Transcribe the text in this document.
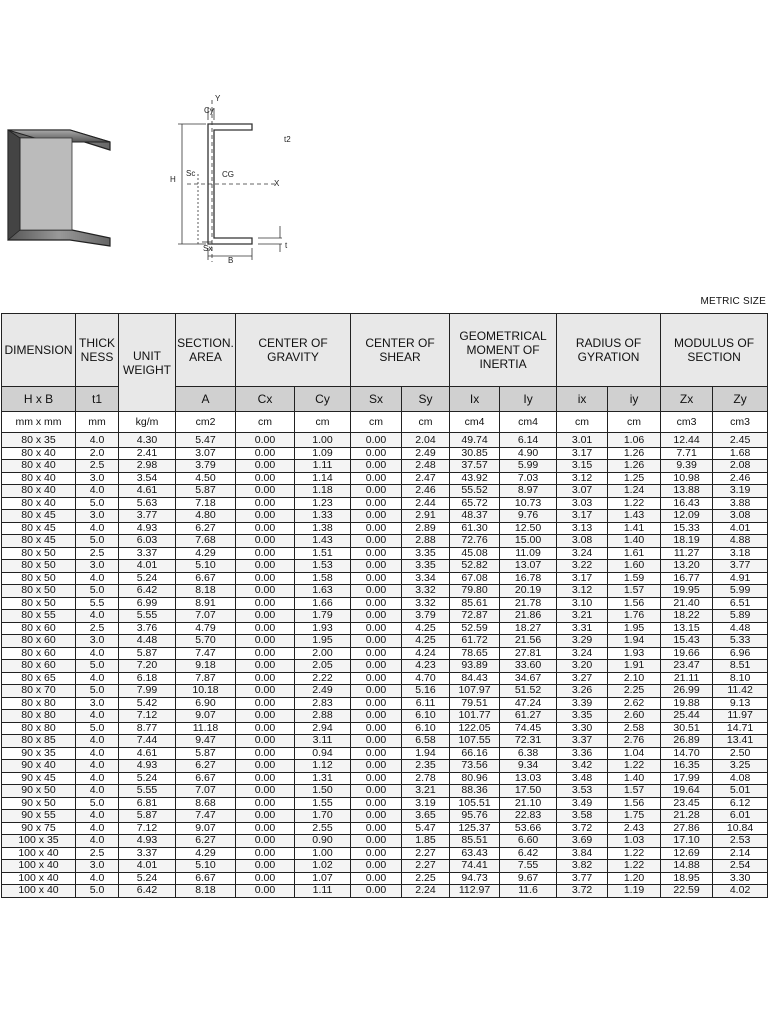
Y
Cy
t2
H
Sc	CG
X
Sx
B
t
METRIC SIZE
DIMENSION	THICK NESS	UNIT WEIGHT	SECTION. AREA	CENTER OF GRAVITY		CENTER OF SHEAR		GEOMETRICAL MOMENT OF INERTIA		RADIUS OF GYRATION		MODULUS OF SECTION	
H x B	t1		A	Cx	Cy	Sx	Sy	Ix	Iy	ix	iy	Zx	Zy
mm x mm	mm	kg/m	cm2	cm	cm	cm	cm	cm4	cm4	cm	cm	cm3	cm3
80 x 35	4.0	4.30	5.47	0.00	1.00	0.00	2.04	49.74	6.14	3.01	1.06	12.44	2.45
80 x 40	2.0	2.41	3.07	0.00	1.09	0.00	2.49	30.85	4.90	3.17	1.26	7.71	1.68
80 x 40	2.5	2.98	3.79	0.00	1.11	0.00	2.48	37.57	5.99	3.15	1.26	9.39	2.08
80 x 40	3.0	3.54	4.50	0.00	1.14	0.00	2.47	43.92	7.03	3.12	1.25	10.98	2.46
80 x 40	4.0	4.61	5.87	0.00	1.18	0.00	2.46	55.52	8.97	3.07	1.24	13.88	3.19
80 x 40	5.0	5.63	7.18	0.00	1.23	0.00	2.44	65.72	10.73	3.03	1.22	16.43	3.88
80 x 45	3.0	3.77	4.80	0.00	1.33	0.00	2.91	48.37	9.76	3.17	1.43	12.09	3.08
80 x 45	4.0	4.93	6.27	0.00	1.38	0.00	2.89	61.30	12.50	3.13	1.41	15.33	4.01
80 x 45	5.0	6.03	7.68	0.00	1.43	0.00	2.88	72.76	15.00	3.08	1.40	18.19	4.88
80 x 50	2.5	3.37	4.29	0.00	1.51	0.00	3.35	45.08	11.09	3.24	1.61	11.27	3.18
80 x 50	3.0	4.01	5.10	0.00	1.53	0.00	3.35	52.82	13.07	3.22	1.60	13.20	3.77
80 x 50	4.0	5.24	6.67	0.00	1.58	0.00	3.34	67.08	16.78	3.17	1.59	16.77	4.91
80 x 50	5.0	6.42	8.18	0.00	1.63	0.00	3.32	79.80	20.19	3.12	1.57	19.95	5.99
80 x 50	5.5	6.99	8.91	0.00	1.66	0.00	3.32	85.61	21.78	3.10	1.56	21.40	6.51
80 x 55	4.0	5.55	7.07	0.00	1.79	0.00	3.79	72.87	21.86	3.21	1.76	18.22	5.89
80 x 60	2.5	3.76	4.79	0.00	1.93	0.00	4.25	52.59	18.27	3.31	1.95	13.15	4.48
80 x 60	3.0	4.48	5.70	0.00	1.95	0.00	4.25	61.72	21.56	3.29	1.94	15.43	5.33
80 x 60	4.0	5.87	7.47	0.00	2.00	0.00	4.24	78.65	27.81	3.24	1.93	19.66	6.96
80 x 60	5.0	7.20	9.18	0.00	2.05	0.00	4.23	93.89	33.60	3.20	1.91	23.47	8.51
80 x 65	4.0	6.18	7.87	0.00	2.22	0.00	4.70	84.43	34.67	3.27	2.10	21.11	8.10
80 x 70	5.0	7.99	10.18	0.00	2.49	0.00	5.16	107.97	51.52	3.26	2.25	26.99	11.42
80 x 80	3.0	5.42	6.90	0.00	2.83	0.00	6.11	79.51	47.24	3.39	2.62	19.88	9.13
80 x 80	4.0	7.12	9.07	0.00	2.88	0.00	6.10	101.77	61.27	3.35	2.60	25.44	11.97
80 x 80	5.0	8.77	11.18	0.00	2.94	0.00	6.10	122.05	74.45	3.30	2.58	30.51	14.71
80 x 85	4.0	7.44	9.47	0.00	3.11	0.00	6.58	107.55	72.31	3.37	2.76	26.89	13.41
90 x 35	4.0	4.61	5.87	0.00	0.94	0.00	1.94	66.16	6.38	3.36	1.04	14.70	2.50
90 x 40	4.0	4.93	6.27	0.00	1.12	0.00	2.35	73.56	9.34	3.42	1.22	16.35	3.25
90 x 45	4.0	5.24	6.67	0.00	1.31	0.00	2.78	80.96	13.03	3.48	1.40	17.99	4.08
90 x 50	4.0	5.55	7.07	0.00	1.50	0.00	3.21	88.36	17.50	3.53	1.57	19.64	5.01
90 x 50	5.0	6.81	8.68	0.00	1.55	0.00	3.19	105.51	21.10	3.49	1.56	23.45	6.12
90 x 55	4.0	5.87	7.47	0.00	1.70	0.00	3.65	95.76	22.83	3.58	1.75	21.28	6.01
90 x 75	4.0	7.12	9.07	0.00	2.55	0.00	5.47	125.37	53.66	3.72	2.43	27.86	10.84
100 x 35	4.0	4.93	6.27	0.00	0.90	0.00	1.85	85.51	6.60	3.69	1.03	17.10	2.53
100 x 40	2.5	3.37	4.29	0.00	1.00	0.00	2.27	63.43	6.42	3.84	1.22	12.69	2.14
100 x 40	3.0	4.01	5.10	0.00	1.02	0.00	2.27	74.41	7.55	3.82	1.22	14.88	2.54
100 x 40	4.0	5.24	6.67	0.00	1.07	0.00	2.25	94.73	9.67	3.77	1.20	18.95	3.30
100 x 40	5.0	6.42	8.18	0.00	1.11	0.00	2.24	112.97	11.6	3.72	1.19	22.59	4.02
